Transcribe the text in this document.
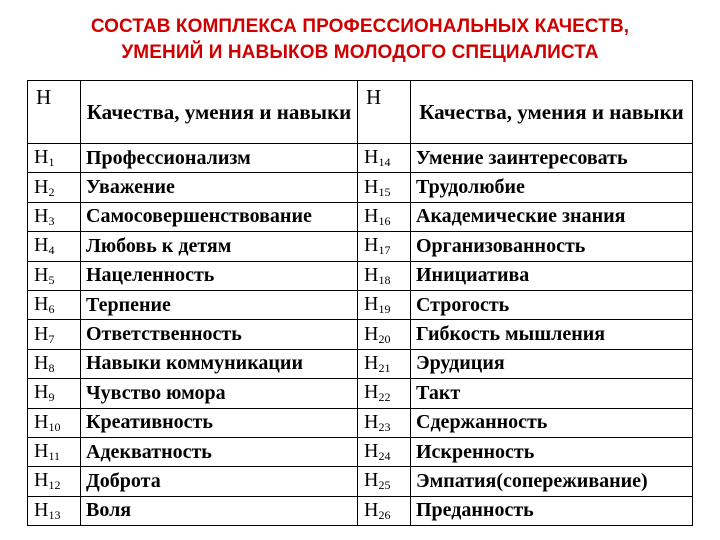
СОСТАВ КОМПЛЕКСА ПРОФЕССИОНАЛЬНЫХ КАЧЕСТВ,
УМЕНИЙ И НАВЫКОВ МОЛОДОГО СПЕЦИАЛИСТА
Н	Качества, умения и навыки	Н	Качества, умения и навыки
$Н_1$	Профессионализм	$Н_{14}$	Умение заинтересовать
$Н_2$	Уважение	$Н_{15}$	Трудолюбие
$Н_3$	Самосовершенствование	$Н_{16}$	Академические знания
$Н_4$	Любовь к детям	$Н_{17}$	Организованность
$Н_5$	Нацеленность	$Н_{18}$	Инициатива
$Н_6$	Терпение	$Н_{19}$	Строгость
$Н_7$	Ответственность	$Н_{20}$	Гибкость мышления
$Н_8$	Навыки коммуникации	$Н_{21}$	Эрудиция
$Н_9$	Чувство юмора	$Н_{22}$	Такт
$Н_{10}$	Креативность	$Н_{23}$	Сдержанность
$Н_{11}$	Адекватность	$Н_{24}$	Искренность
$Н_{12}$	Доброта	$Н_{25}$	Эмпатия(сопереживание)
$Н_{13}$	Воля	$Н_{26}$	Преданность
